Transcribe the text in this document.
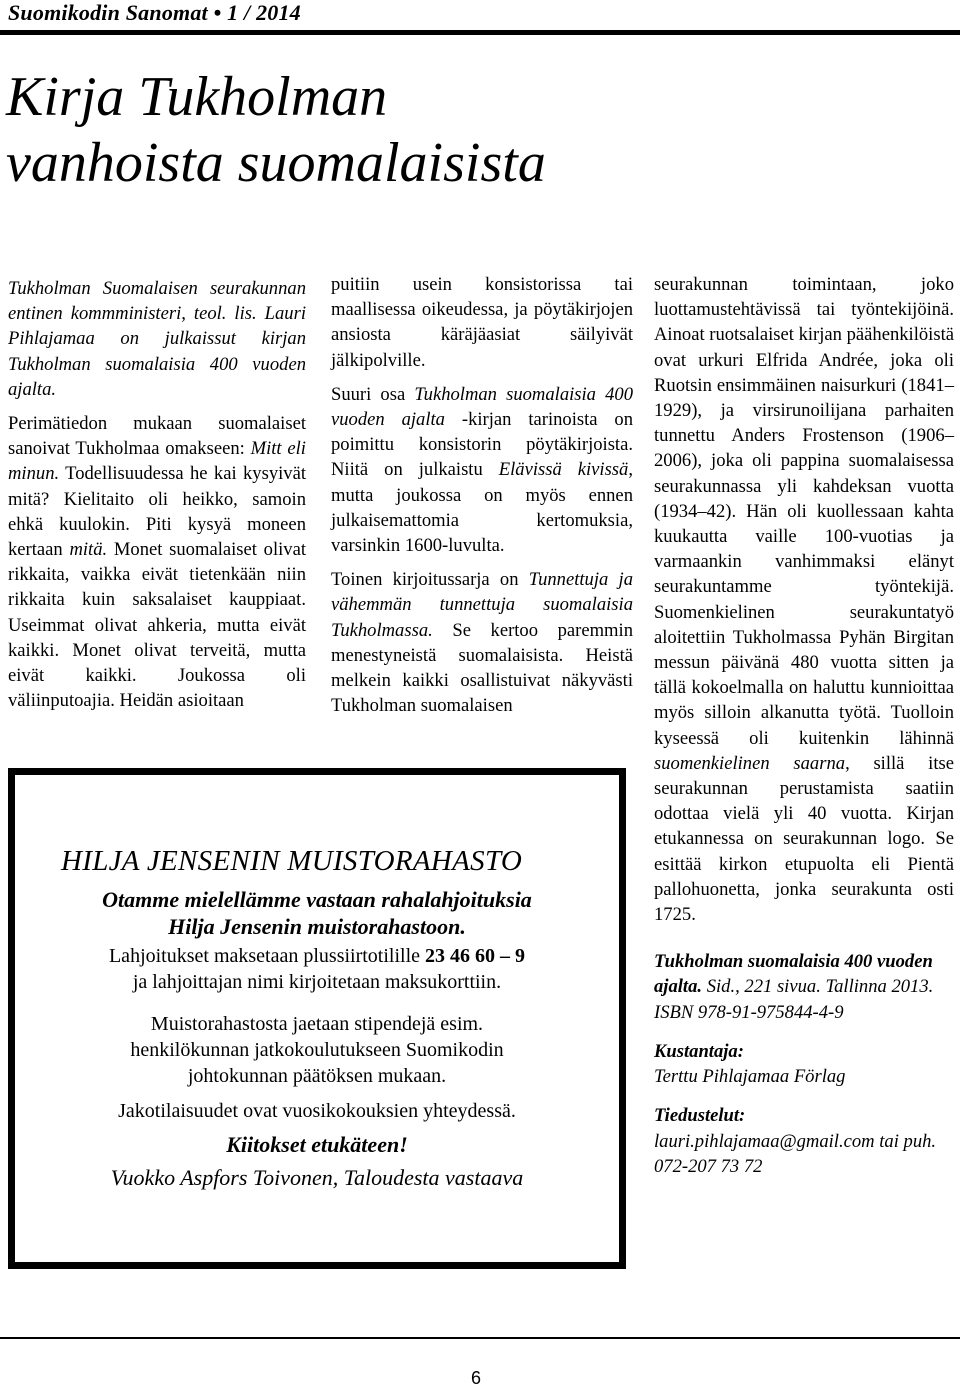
Suomikodin Sanomat • 1 / 2014
Kirja Tukholman
vanhoista suomalaisista

Tukholman Suomalaisen seurakunnan entinen kommministeri, teol. lis. Lauri Pihlajamaa on julkaissut kirjan Tukholman suomalaisia 400 vuoden ajalta.

Perimätiedon mukaan suomalaiset sanoivat Tukholmaa omakseen: Mitt eli minun. Todellisuudessa he kai kysyivät mitä? Kielitaito oli heikko, samoin ehkä kuulokin. Piti kysyä moneen kertaan mitä. Monet suomalaiset olivat rikkaita, vaikka eivät tietenkään niin rikkaita kuin saksalaiset kauppiaat. Useimmat olivat ahkeria, mutta eivät kaikki. Monet olivat terveitä, mutta eivät kaikki. Joukossa oli väliinputoajia. Heidän asioitaan

puitiin usein konsistorissa tai maallisessa oikeudessa, ja pöytäkirjojen ansiosta käräjäasiat säilyivät jälkipolville.

Suuri osa Tukholman suomalaisia 400 vuoden ajalta -kirjan tarinoista on poimittu konsistorin pöytäkirjoista. Niitä on julkaistu Elävissä kivissä, mutta joukossa on myös ennen julkaisemattomia kertomuksia, varsinkin 1600-luvulta.

Toinen kirjoitussarja on Tunnettuja ja vähemmän tunnettuja suomalaisia Tukholmassa. Se kertoo paremmin menestyneistä suomalaisista. Heistä melkein kaikki osallistuivat näkyvästi Tukholman suomalaisen

seurakunnan toimintaan, joko luottamustehtävissä tai työntekijöinä. Ainoat ruotsalaiset kirjan päähenkilöistä ovat urkuri Elfrida Andrée, joka oli Ruotsin ensimmäinen naisurkuri (1841–1929), ja virsirunoilijana parhaiten tunnettu Anders Frostenson (1906–2006), joka oli pappina suomalaisessa seurakunnassa yli kahdeksan vuotta (1934–42). Hän oli kuollessaan kahta kuukautta vaille 100-vuotias ja varmaankin vanhimmaksi elänyt seurakuntamme työntekijä. Suomenkielinen seurakuntatyö aloitettiin Tukholmassa Pyhän Birgitan messun päivänä 480 vuotta sitten ja tällä kokoelmalla on haluttu kunnioittaa myös silloin alkanutta työtä. Tuolloin kyseessä oli kuitenkin lähinnä suomenkielinen saarna, sillä itse seurakunnan perustamista saatiin odottaa vielä yli 40 vuotta. Kirjan etukannessa on seurakunnan logo. Se esittää kirkon etupuolta eli Pientä pallohuonetta, jonka seurakunta osti 1725.

Tukholman suomalaisia 400 vuoden ajalta. Sid., 221 sivua. Tallinna 2013. ISBN 978-91-975844-4-9

Kustantaja:
Terttu Pihlajamaa Förlag

Tiedustelut:
lauri.pihlajamaa@gmail.com tai puh. 072-207 73 72

HILJA JENSENIN MUISTORAHASTO
Otamme mielellämme vastaan rahalahjoituksia
Hilja Jensenin muistorahastoon.
Lahjoitukset maksetaan plussiirtotilille 23 46 60 – 9
ja lahjoittajan nimi kirjoitetaan maksukorttiin.
Muistorahastosta jaetaan stipendejä esim.
henkilökunnan jatkokoulutukseen Suomikodin
johtokunnan päätöksen mukaan.
Jakotilaisuudet ovat vuosikokouksien yhteydessä.
Kiitokset etukäteen!
Vuokko Aspfors Toivonen, Taloudesta vastaava
6
